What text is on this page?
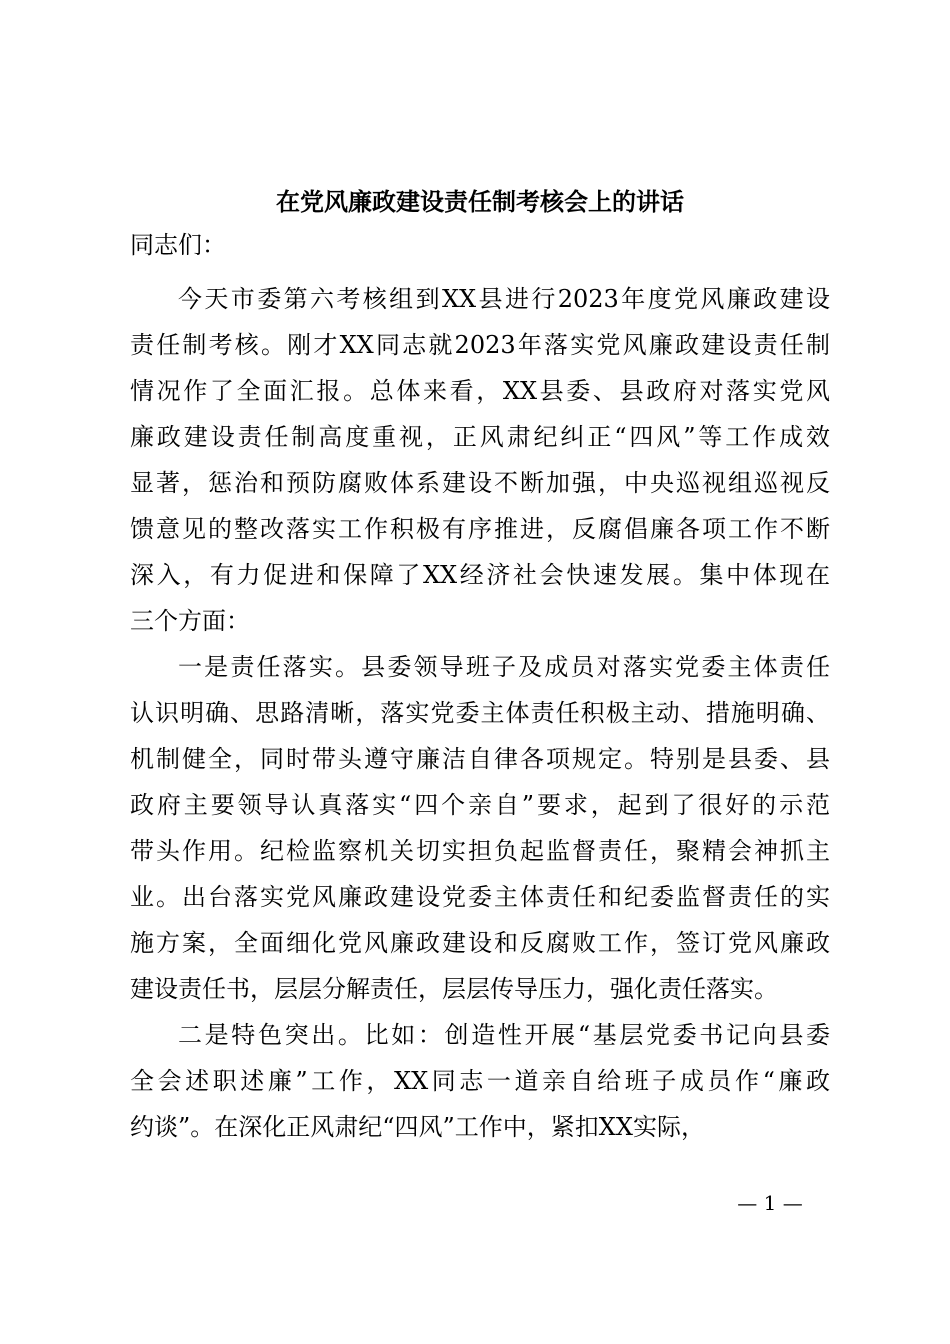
在党风廉政建设责任制考核会上的讲话
同志们：
今天市委第六考核组到XX县进行2023年度党风廉政建设
责任制考核。刚才XX同志就2023年落实党风廉政建设责任制
情况作了全面汇报。总体来看，XX县委、县政府对落实党风
廉政建设责任制高度重视，正风肃纪纠正“四风”等工作成效
显著，惩治和预防腐败体系建设不断加强，中央巡视组巡视反
馈意见的整改落实工作积极有序推进，反腐倡廉各项工作不断
深入，有力促进和保障了XX经济社会快速发展。集中体现在
三个方面：
一是责任落实。县委领导班子及成员对落实党委主体责任
认识明确、思路清晰，落实党委主体责任积极主动、措施明确、
机制健全，同时带头遵守廉洁自律各项规定。特别是县委、县
政府主要领导认真落实“四个亲自”要求，起到了很好的示范
带头作用。纪检监察机关切实担负起监督责任，聚精会神抓主
业。出台落实党风廉政建设党委主体责任和纪委监督责任的实
施方案，全面细化党风廉政建设和反腐败工作，签订党风廉政
建设责任书，层层分解责任，层层传导压力，强化责任落实。
二是特色突出。比如：创造性开展“基层党委书记向县委
全会述职述廉”工作，XX同志一道亲自给班子成员作“廉政
约谈”。在深化正风肃纪“四风”工作中，紧扣XX实际，
— 1 —
